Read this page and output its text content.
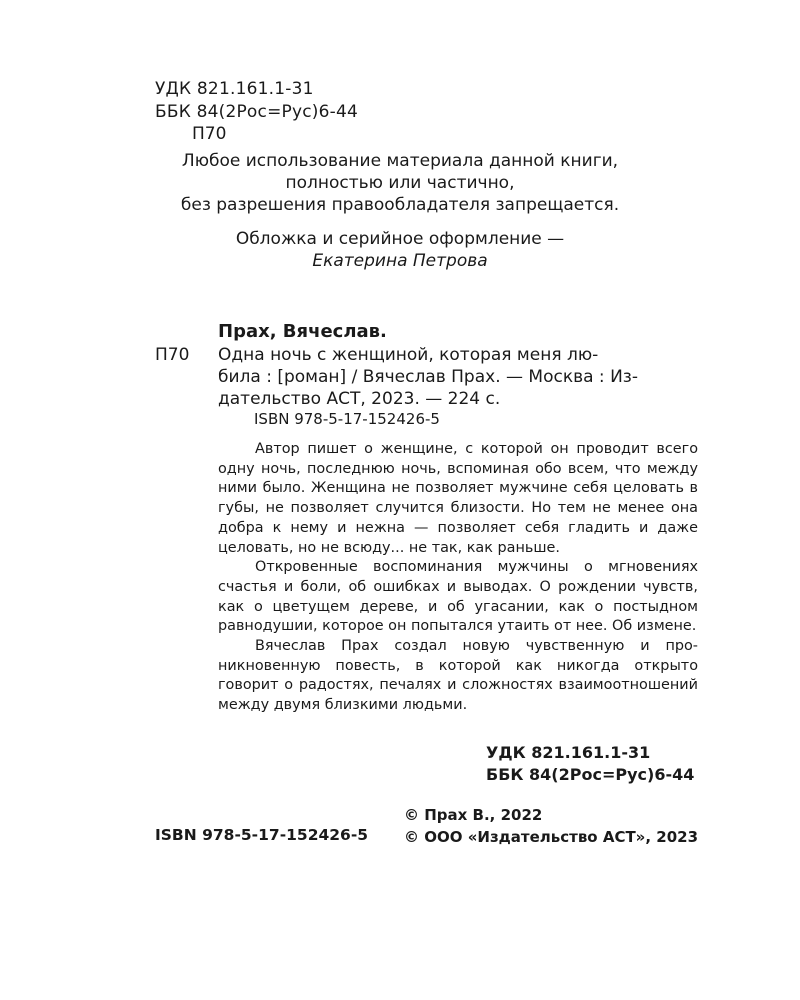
УДК 821.161.1-31
ББК 84(2Рос=Рус)6-44
П70
Любое использование материала данной книги,
полностью или частично,
без разрешения правообладателя запрещается.
Обложка и серийное оформление —
Екатерина Петрова
Прах, Вячеслав.
П70 Одна ночь с женщиной, которая меня лю-
била : [роман] / Вячеслав Прах. — Москва : Из-
дательство АСТ, 2023. — 224 с.
ISBN 978-5-17-152426-5

Автор пишет о женщине, с которой он проводит всего одну ночь, последнюю ночь, вспоминая обо всем, что между ними было. Женщина не позволяет мужчине себя целовать в губы, не позволяет случится близости. Но тем не менее она добра к нему и нежна — позволяет себя гладить и даже целовать, но не всюду... не так, как раньше.

Откровенные воспоминания мужчины о мгновениях счастья и боли, об ошибках и выводах. О рождении чувств, как о цветущем дереве, и об угасании, как о постыдном равнодушии, которое он попытался утаить от нее. Об измене.

Вячеслав Прах создал новую чувственную и проникновенную повесть, в которой как никогда открыто говорит о радостях, печалях и сложностях взаимоотношений между двумя близкими людьми.

УДК 821.161.1-31
ББК 84(2Рос=Рус)6-44
© Прах В., 2022
© ООО «Издательство АСТ», 2023
ISBN 978-5-17-152426-5
